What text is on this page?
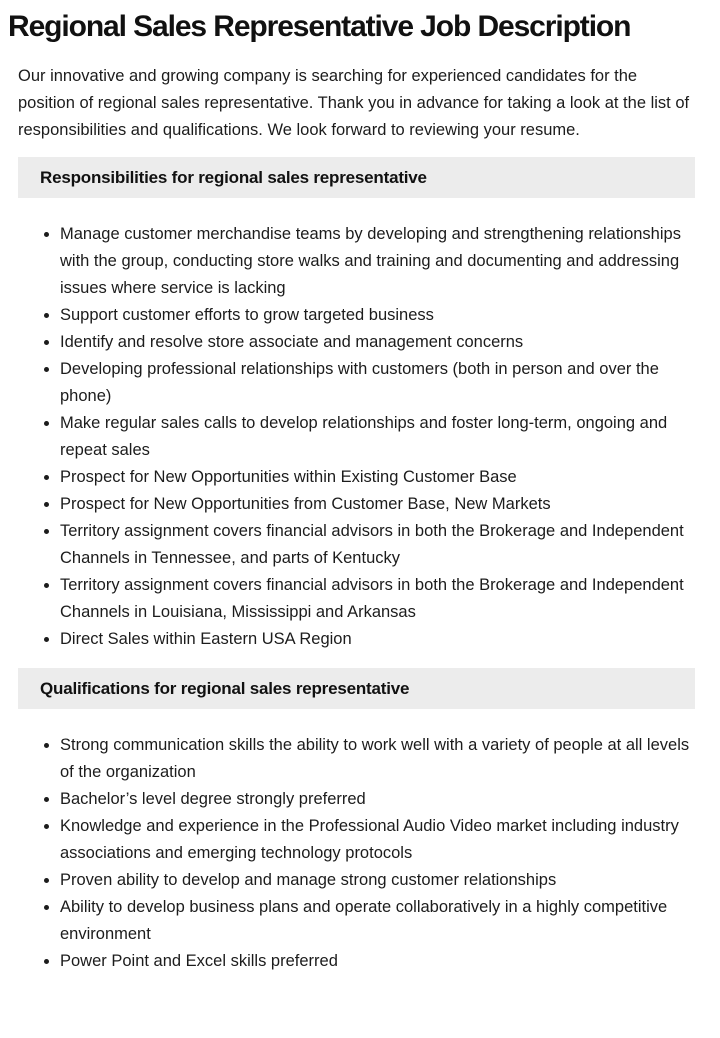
Regional Sales Representative Job Description

Our innovative and growing company is searching for experienced candidates for the position of regional sales representative. Thank you in advance for taking a look at the list of responsibilities and qualifications. We look forward to reviewing your resume.

Responsibilities for regional sales representative
Manage customer merchandise teams by developing and strengthening relationships with the group, conducting store walks and training and documenting and addressing issues where service is lacking
Support customer efforts to grow targeted business
Identify and resolve store associate and management concerns
Developing professional relationships with customers (both in person and over the phone)
Make regular sales calls to develop relationships and foster long-term, ongoing and repeat sales
Prospect for New Opportunities within Existing Customer Base
Prospect for New Opportunities from Customer Base, New Markets
Territory assignment covers financial advisors in both the Brokerage and Independent Channels in Tennessee, and parts of Kentucky
Territory assignment covers financial advisors in both the Brokerage and Independent Channels in Louisiana, Mississippi and Arkansas
Direct Sales within Eastern USA Region
Qualifications for regional sales representative
Strong communication skills the ability to work well with a variety of people at all levels of the organization
Bachelor’s level degree strongly preferred
Knowledge and experience in the Professional Audio Video market including industry associations and emerging technology protocols
Proven ability to develop and manage strong customer relationships
Ability to develop business plans and operate collaboratively in a highly competitive environment
Power Point and Excel skills preferred
